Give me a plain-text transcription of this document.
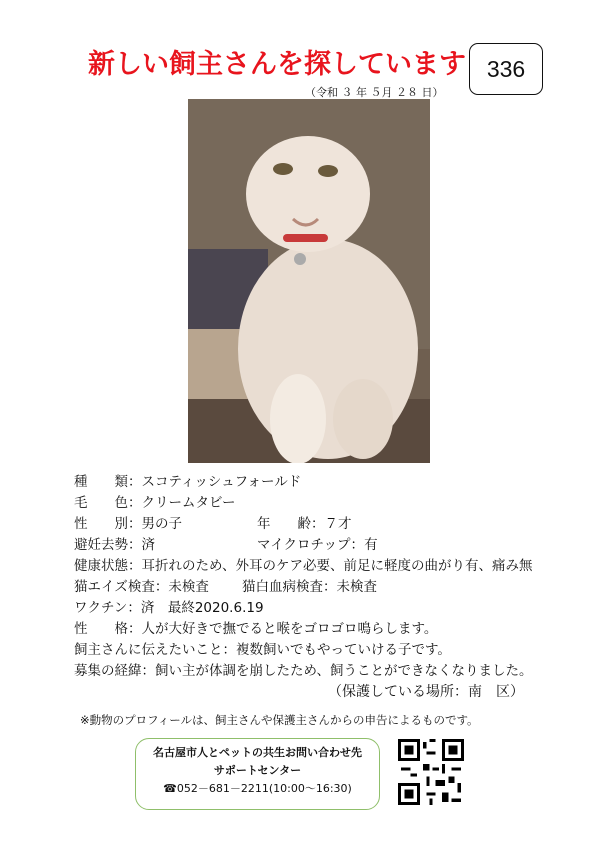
新しい飼主さんを探しています
（令和 ３ 年 ５月 ２８ 日）
336
種　　類： スコティッシュフォールド
毛　　色： クリームタビー
性　　別： 男の子	年　　齢：７才
避妊去勢： 済	マイクロチップ：有
健康状態： 耳折れのため、外耳のケア必要、前足に軽度の曲がり有、痛み無
猫エイズ検査： 未検査 猫白血病検査：未検査
ワクチン： 済　最終2020.6.19
性　　格： 人が大好きで撫でると喉をゴロゴロ鳴らします。
飼主さんに伝えたいこと： 複数飼いでもやっていける子です。
募集の経緯： 飼い主が体調を崩したため、飼うことができなくなりました。
（保護している場所：南　区）
※動物のプロフィールは、飼主さんや保護主さんからの申告によるものです。
名古屋市人とペットの共生お問い合わせ先
サポートセンター
☎052－681－2211(10:00～16:30)
